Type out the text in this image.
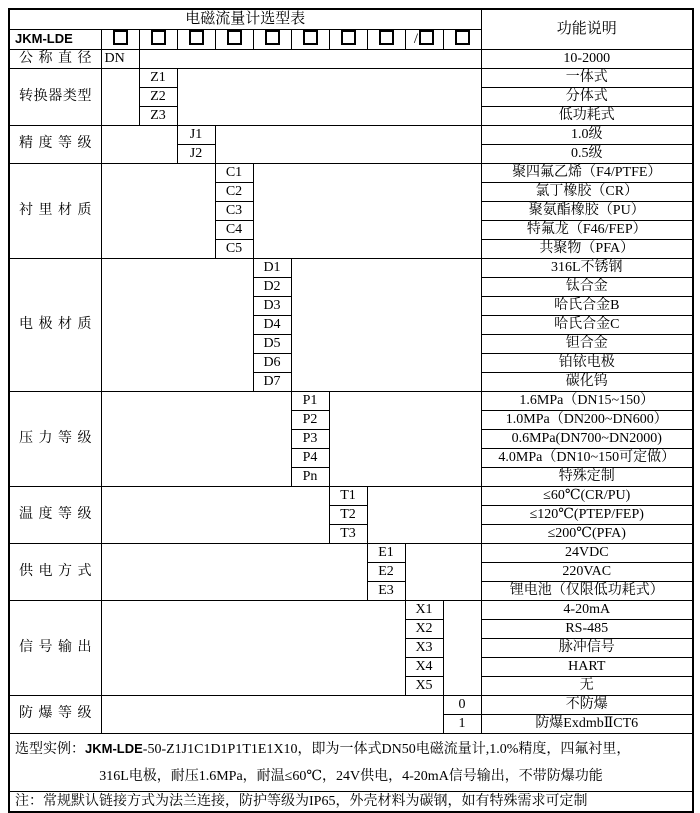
电磁流量计选型表											功能说明
JKM-LDE									/		
公称直径	DN										10-2000
转换器类型		Z1									一体式
		Z2									分体式
		Z3									低功耗式
精度等级			J1								1.0级
			J2								0.5级
衬里材质				C1							聚四氟乙烯（F4/PTFE）
				C2							氯丁橡胶（CR）
				C3							聚氨酯橡胶（PU）
				C4							特氟龙（F46/FEP）
				C5							共聚物（PFA）
电极材质					D1						316L不锈钢
					D2						钛合金
					D3						哈氏合金B
					D4						哈氏合金C
					D5						钽合金
					D6						铂铱电极
					D7						碳化钨
压力等级						P1					1.6MPa（DN15~150）
						P2					1.0MPa（DN200~DN600）
						P3					0.6MPa(DN700~DN2000)
						P4					4.0MPa（DN10~150可定做）
						Pn					特殊定制
温度等级							T1				≤60℃(CR/PU)
							T2				≤120℃(PTEP/FEP)
							T3				≤200℃(PFA)
供电方式								E1			24VDC
								E2			220VAC
								E3			锂电池（仅限低功耗式）
信号输出									X1		4-20mA
									X2		RS-485
									X3		脉冲信号
									X4		HART
									X5		无
防爆等级										0	不防爆
										1	防爆ExdmbⅡCT6

选型实例：JKM-LDE-50-Z1J1C1D1P1T1E1X10，即为一体式DN50电磁流量计,1.0%精度，四氟衬里，
316L电极，耐压1.6MPa，耐温≤60℃，24V供电，4-20mA信号输出，不带防爆功能											

注：常规默认链接方式为法兰连接，防护等级为IP65，外壳材料为碳钢，如有特殊需求可定制											
